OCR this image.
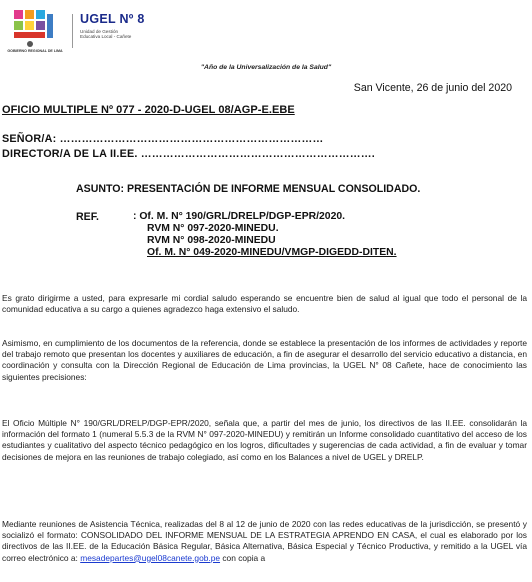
GOBIERNO REGIONAL DE LIMA
UGEL Nº 8
Unidad de Gestión
Educativa Local - Cañete
"Año de la Universalización de la Salud"
San Vicente, 26 de junio del 2020
OFICIO MULTIPLE Nº 077 - 2020-D-UGEL 08/AGP-E.EBE
SEÑOR/A: ………………………………………………………………
DIRECTOR/A DE LA II.EE. ……………………………………………………….
ASUNTO: PRESENTACIÓN DE INFORME MENSUAL CONSOLIDADO.
REF.	: Of. M. N° 190/GRL/DRELP/DGP-EPR/2020.
RVM N° 097-2020-MINEDU.
RVM N° 098-2020-MINEDU
Of. M. N° 049-2020-MINEDU/VMGP-DIGEDD-DITEN.
Es grato dirigirme a usted, para expresarle mi cordial saludo esperando se encuentre bien de salud al igual que todo el personal de la comunidad educativa a su cargo a quienes agradezco haga extensivo el saludo.
Asimismo, en cumplimiento de los documentos de la referencia, donde se establece la presentación de los informes de actividades y reporte del trabajo remoto que presentan los docentes y auxiliares de educación, a fin de asegurar el desarrollo del servicio educativo a distancia, en coordinación y consulta con la Dirección Regional de Educación de Lima provincias, la UGEL N° 08 Cañete, hace de conocimiento las siguientes precisiones:
El Oficio Múltiple N° 190/GRL/DRELP/DGP-EPR/2020, señala que, a partir del mes de junio, los directivos de las II.EE. consolidarán la información del formato 1 (numeral 5.5.3 de la RVM N° 097-2020-MINEDU) y remitirán un Informe consolidado cuantitativo del acceso de los estudiantes y cualitativo del aspecto técnico pedagógico en los logros, dificultades y sugerencias de cada actividad, a fin de evaluar y tomar decisiones de mejora en las reuniones de trabajo colegiado, así como en los Balances a nivel de UGEL y DRELP.
Mediante reuniones de Asistencia Técnica, realizadas del 8 al 12 de junio de 2020 con las redes educativas de la jurisdicción, se presentó y socializó el formato: CONSOLIDADO DEL INFORME MENSUAL DE LA ESTRATEGIA APRENDO EN CASA, el cual es elaborado por los directivos de las II.EE. de la Educación Básica Regular, Básica Alternativa, Básica Especial y Técnico Productiva, y remitido a la UGEL vía correo electrónico a: mesadepartes@ugel08canete.gob.pe con copia a
